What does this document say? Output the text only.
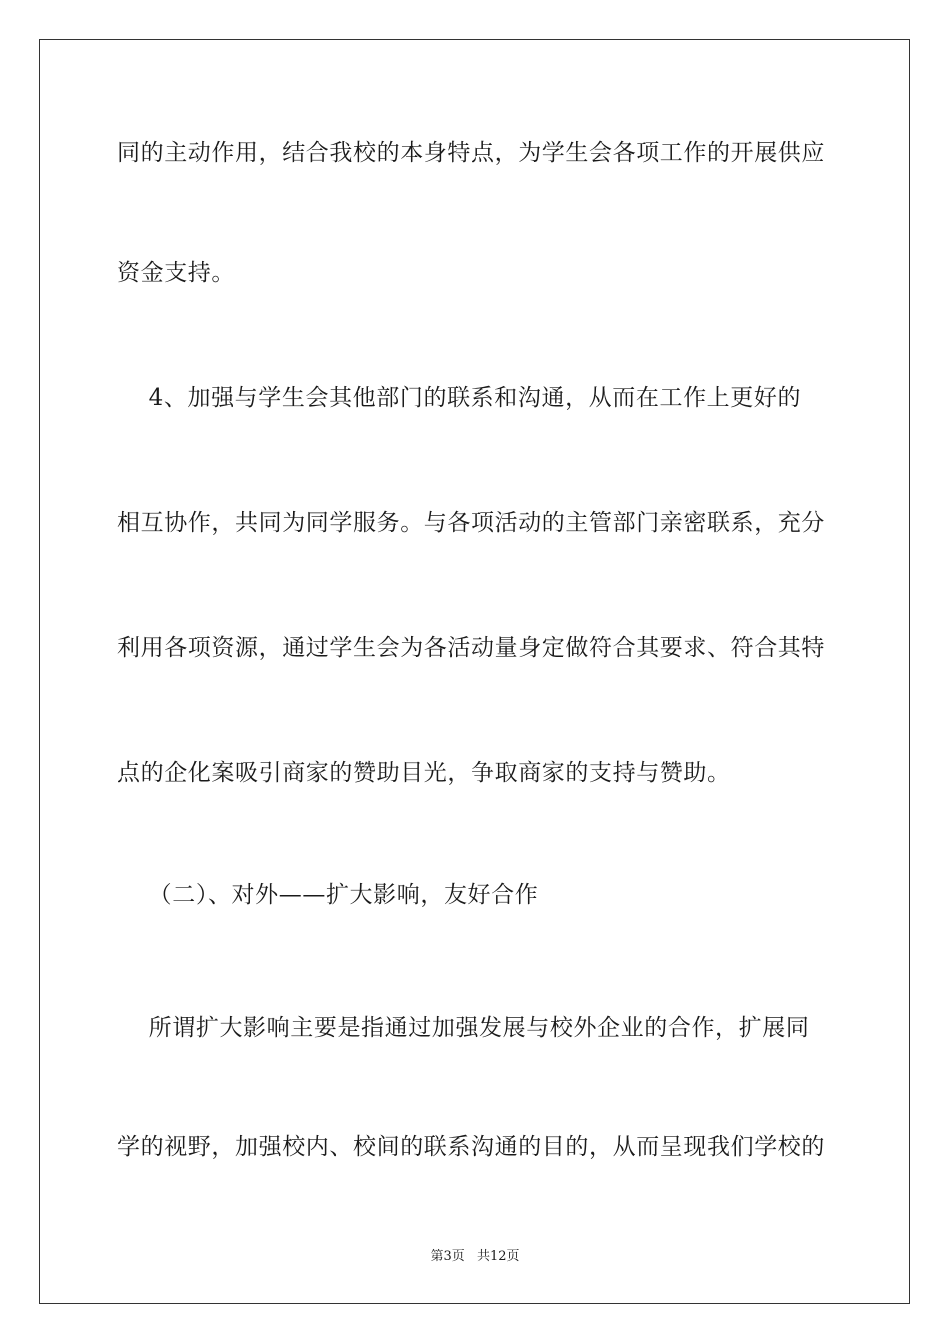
同的主动作用，结合我校的本身特点，为学生会各项工作的开展供应
资金支持。
4、加强与学生会其他部门的联系和沟通，从而在工作上更好的
相互协作，共同为同学服务。与各项活动的主管部门亲密联系，充分
利用各项资源，通过学生会为各活动量身定做符合其要求、符合其特
点的企化案吸引商家的赞助目光，争取商家的支持与赞助。
（二）、对外——扩大影响，友好合作
所谓扩大影响主要是指通过加强发展与校外企业的合作，扩展同
学的视野，加强校内、校间的联系沟通的目的，从而呈现我们学校的
第3页 共12页
